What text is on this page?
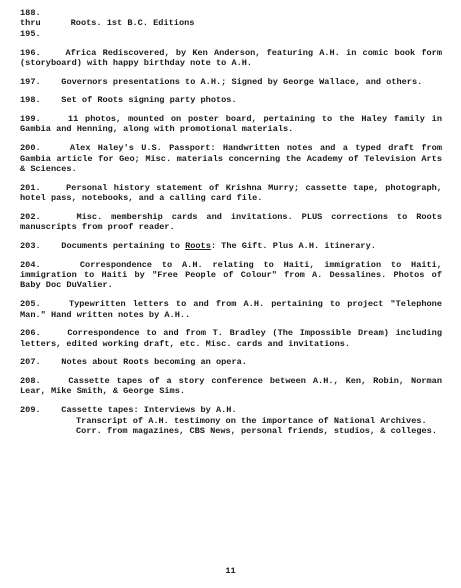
188.
thru	Roots. 1st B.C. Editions
195.

196.	Africa Rediscovered, by Ken Anderson, featuring A.H. in comic book form (storyboard) with happy birthday note to A.H.

197. Governors presentations to A.H.; Signed by George Wallace, and others.

198. Set of Roots signing party photos.

199.	11 photos, mounted on poster board, pertaining to the Haley family in Gambia and Henning, along with promotional materials.

200.	Alex Haley's U.S. Passport: Handwritten notes and a typed draft from Gambia article for Geo; Misc. materials concerning the Academy of Television Arts & Sciences.

201.	Personal history statement of Krishna Murry; cassette tape, photograph, hotel pass, notebooks, and a calling card file.

202.	Misc. membership cards and invitations. PLUS corrections to Roots manuscripts from proof reader.

203. Documents pertaining to Roots: The Gift. Plus A.H. itinerary.

204.	Correspondence to A.H. relating to Haiti, immigration to Haiti, immigration to Haiti by "Free People of Colour" from A. Dessalines. Photos of Baby Doc DuValier.

205.	Typewritten letters to and from A.H. pertaining to project "Telephone Man." Hand written notes by A.H..

206.	Correspondence to and from T. Bradley (The Impossible Dream) including letters, edited working draft, etc. Misc. cards and invitations.

207. Notes about Roots becoming an opera.

208.	Cassette tapes of a story conference between A.H., Ken, Robin, Norman Lear, Mike Smith, & George Sims.

209. Cassette tapes: Interviews by A.H.
Transcript of A.H. testimony on the importance of National Archives.
Corr. from magazines, CBS News, personal friends, studios, & colleges.

11
